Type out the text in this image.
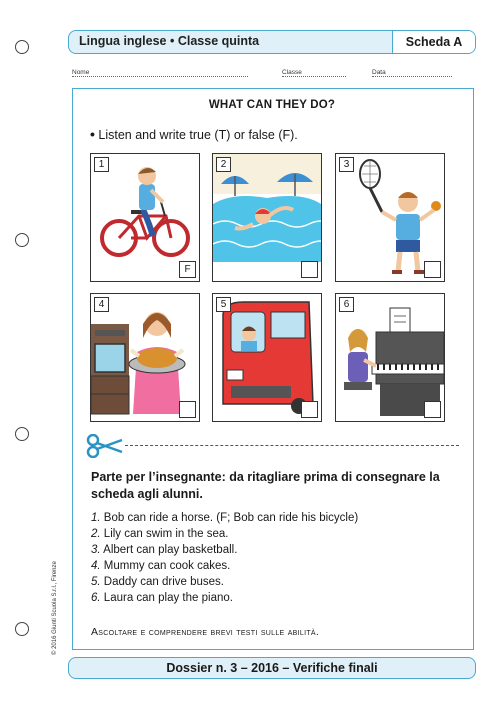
Lingua inglese • Classe quinta	Scheda A
Nome	Classe	Data
WHAT CAN THEY DO?
• Listen and write true (T) or false (F).
1
F
2	3
4	5	6
Parte per l’insegnante: da ritagliare prima di consegnare la scheda agli alunni.
1. Bob can ride a horse. (F; Bob can ride his bicycle)
2. Lily can swim in the sea.
3. Albert can play basketball.
4. Mummy can cook cakes.
5. Daddy can drive buses.
6. Laura can play the piano.
Ascoltare e comprendere brevi testi sulle abilità.
© 2016 Giunti Scuola S.r.l., Firenze
Dossier n. 3 – 2016 – Verifiche finali
